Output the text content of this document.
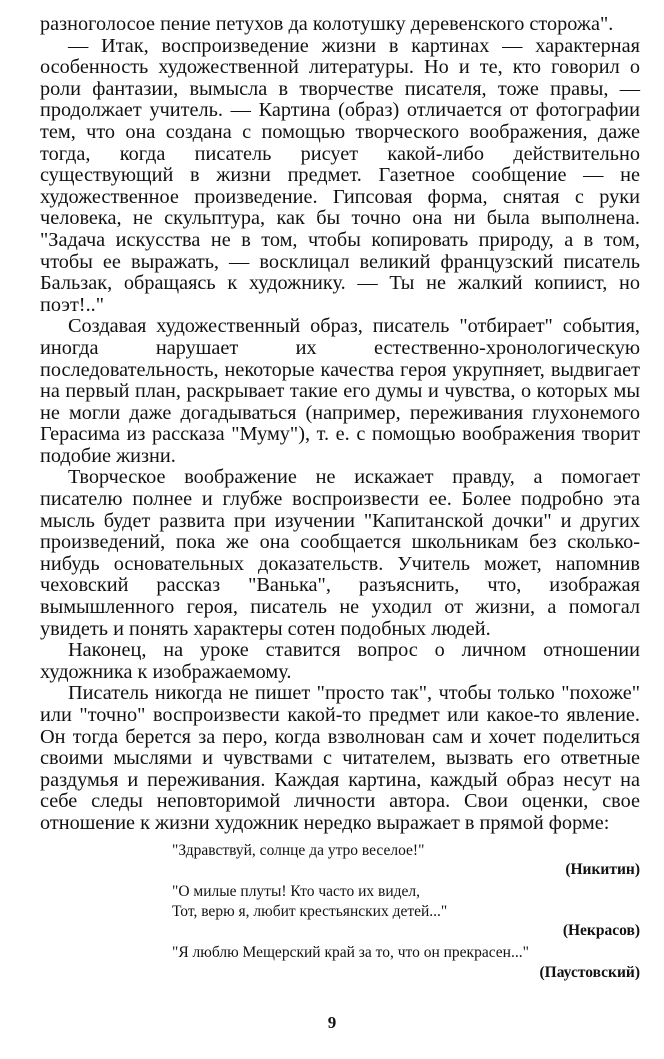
разноголосое пение петухов да колотушку деревенского сторожа".

— Итак, воспроизведение жизни в картинах — характерная особенность художественной литературы. Но и те, кто говорил о роли фантазии, вымысла в творчестве писателя, тоже правы, — продолжает учитель. — Картина (образ) отличается от фотографии тем, что она создана с помощью творческого воображения, даже тогда, когда писатель рисует какой-либо действительно существующий в жизни предмет. Газетное сообщение — не художественное произведение. Гипсовая форма, снятая с руки человека, не скульптура, как бы точно она ни была выполнена. "Задача искусства не в том, чтобы копировать природу, а в том, чтобы ее выражать, — восклицал великий французский писатель Бальзак, обращаясь к художнику. — Ты не жалкий копиист, но поэт!.."

Создавая художественный образ, писатель "отбирает" события, иногда нарушает их естественно-хронологическую последовательность, некоторые качества героя укрупняет, выдвигает на первый план, раскрывает такие его думы и чувства, о которых мы не могли даже догадываться (например, переживания глухонемого Герасима из рассказа "Муму"), т. е. с помощью воображения творит подобие жизни.

Творческое воображение не искажает правду, а помогает писателю полнее и глубже воспроизвести ее. Более подробно эта мысль будет развита при изучении "Капитанской дочки" и других произведений, пока же она сообщается школьникам без сколько-нибудь основательных доказательств. Учитель может, напомнив чеховский рассказ "Ванька", разъяснить, что, изображая вымышленного героя, писатель не уходил от жизни, а помогал увидеть и понять характеры сотен подобных людей.

Наконец, на уроке ставится вопрос о личном отношении художника к изображаемому.

Писатель никогда не пишет "просто так", чтобы только "похоже" или "точно" воспроизвести какой-то предмет или какое-то явление. Он тогда берется за перо, когда взволнован сам и хочет поделиться своими мыслями и чувствами с читателем, вызвать его ответные раздумья и переживания. Каждая картина, каждый образ несут на себе следы неповторимой личности автора. Свои оценки, свое отношение к жизни художник нередко выражает в прямой форме:

"Здравствуй, солнце да утро веселое!"

(Никитин)

"О милые плуты! Кто часто их видел,

Тот, верю я, любит крестьянских детей..."

(Некрасов)

"Я люблю Мещерский край за то, что он прекрасен..."

(Паустовский)

9
